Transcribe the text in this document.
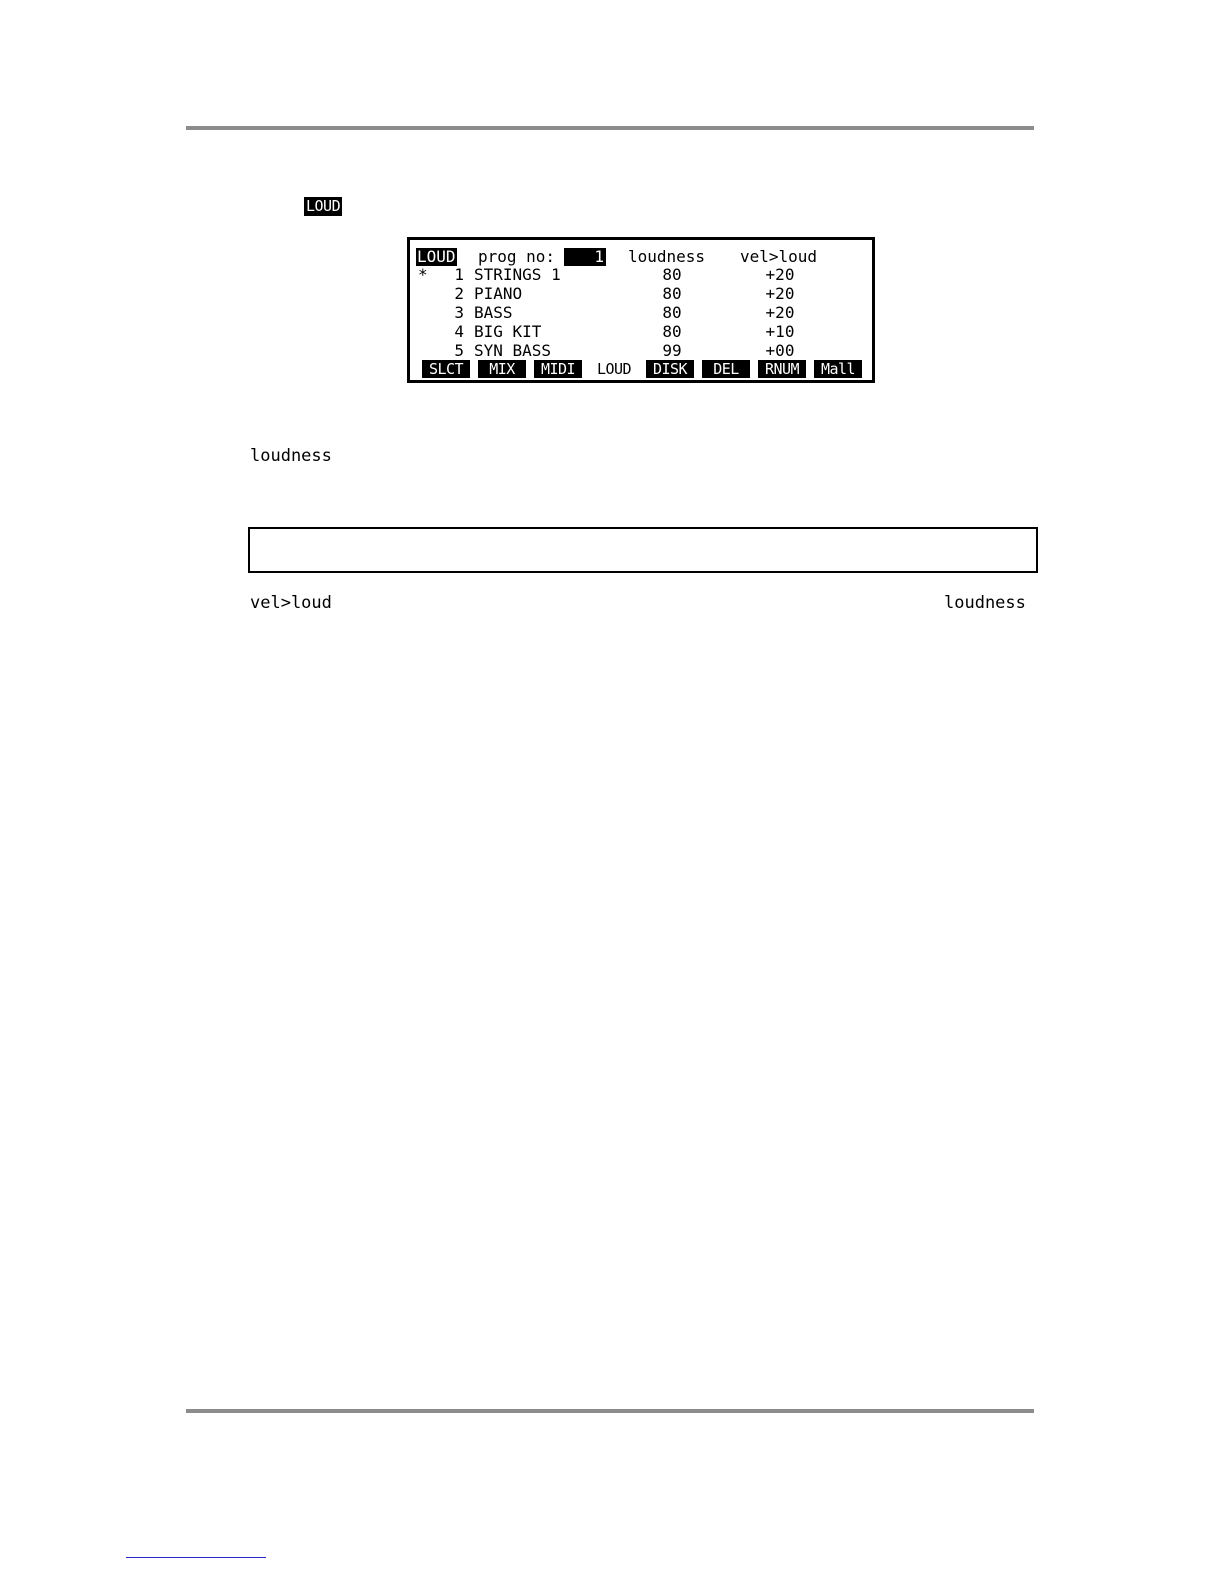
LOUD
LOUD prog no:	1 loudness vel>loud
*	1 STRINGS 1	80	+20
2 PIANO	80	+20
3 BASS	80	+20
4 BIG KIT	80	+10
5 SYN BASS	99	+00
SLCT	MIX	MIDI	LOUD	DISK	DEL	RNUM	Mall
loudness
vel>loud	loudness
